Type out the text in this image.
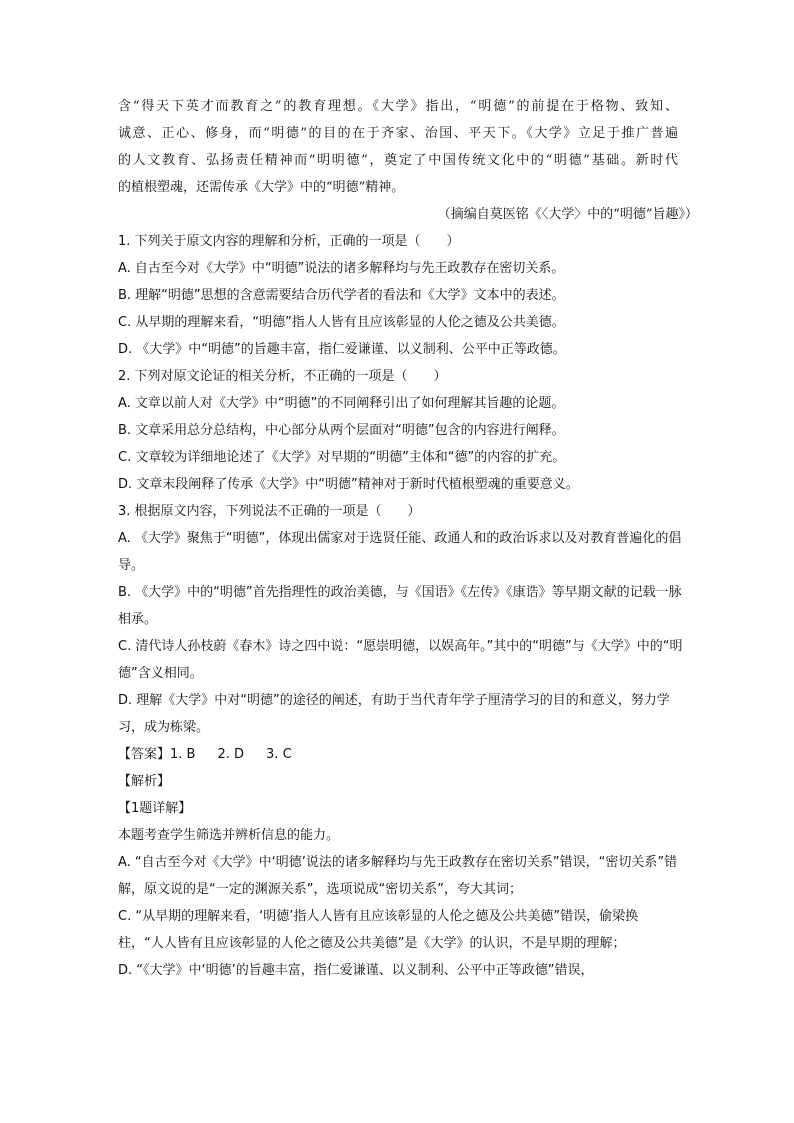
含“得天下英才而教育之”的教育理想。《大学》指出，“明德”的前提在于格物、致知、

诚意、正心、修身，而“明德”的目的在于齐家、治国、平天下。《大学》立足于推广普遍

的人文教育、弘扬责任精神而“明明德”，奠定了中国传统文化中的“明德”基础。新时代

的植根塑魂，还需传承《大学》中的“明德”精神。

（摘编自莫医铭《〈大学〉中的“明德”旨趣》）
1. 下列关于原文内容的理解和分析，正确的一项是（　　）
A. 自古至今对《大学》中“明德”说法的诸多解释均与先王政教存在密切关系。
B. 理解“明德”思想的含意需要结合历代学者的看法和《大学》文本中的表述。
C. 从早期的理解来看，“明德”指人人皆有且应该彰显的人伦之德及公共美德。
D. 《大学》中“明德”的旨趣丰富，指仁爱谦谨、以义制利、公平中正等政德。
2. 下列对原文论证的相关分析，不正确的一项是（　　）
A. 文章以前人对《大学》中“明德”的不同阐释引出了如何理解其旨趣的论题。
B. 文章采用总分总结构，中心部分从两个层面对“明德”包含的内容进行阐释。
C. 文章较为详细地论述了《大学》对早期的“明德”主体和“德”的内容的扩充。
D. 文章末段阐释了传承《大学》中“明德”精神对于新时代植根塑魂的重要意义。
3. 根据原文内容，下列说法不正确的一项是（　　）
A. 《大学》聚焦于“明德”，体现出儒家对于选贤任能、政通人和的政治诉求以及对教育普遍化的倡导。
B. 《大学》中的“明德”首先指理性的政治美德，与《国语》《左传》《康诰》等早期文献的记载一脉相承。
C. 清代诗人孙枝蔚《春木》诗之四中说：“愿崇明德，以娱高年。”其中的“明德”与《大学》中的“明德”含义相同。
D. 理解《大学》中对“明德”的途径的阐述，有助于当代青年学子厘清学习的目的和意义，努力学习，成为栋梁。
【答案】1. B 2. D 3. C
【解析】
【1题详解】
本题考查学生筛选并辨析信息的能力。
A. “自古至今对《大学》中‘明德’说法的诸多解释均与先王政教存在密切关系”错误，“密切关系”错解，原文说的是“一定的渊源关系”，选项说成“密切关系”，夸大其词；
C. “从早期的理解来看，‘明德’指人人皆有且应该彰显的人伦之德及公共美德”错误，偷梁换柱，“人人皆有且应该彰显的人伦之德及公共美德”是《大学》的认识，不是早期的理解；
D. “《大学》中‘明德’的旨趣丰富，指仁爱谦谨、以义制利、公平中正等政德”错误，
